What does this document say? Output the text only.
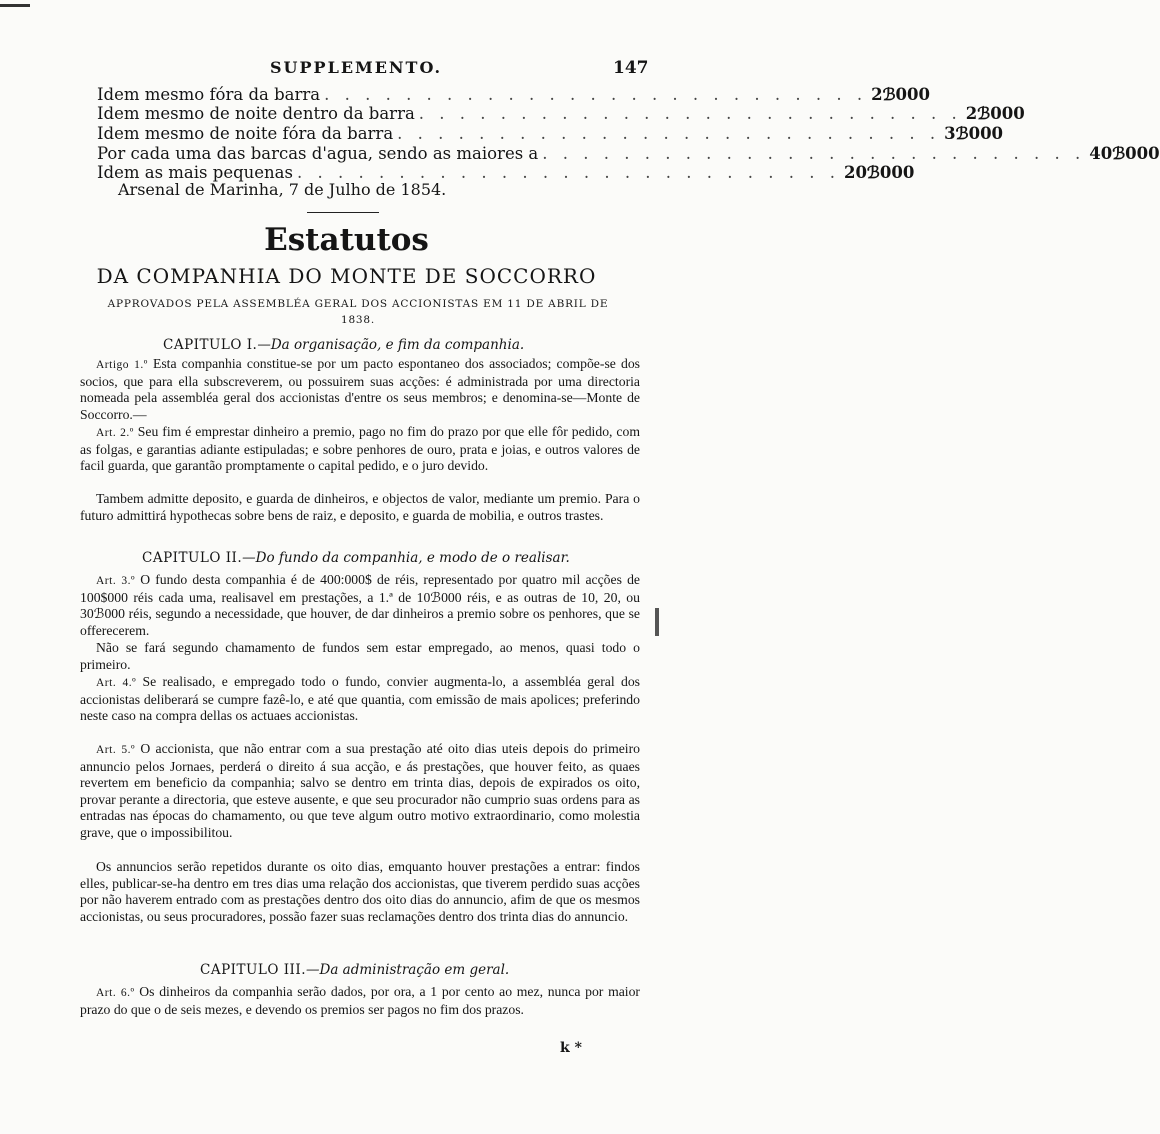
SUPPLEMENTO.	147
Idem mesmo fóra da barra . . . . . . . . . . . . . . . . . . . . . . . . . . . 2ℬ000
Idem mesmo de noite dentro da barra . . . . . . . . . . . . . . . . . . . . . . . . . . . 2ℬ000
Idem mesmo de noite fóra da barra . . . . . . . . . . . . . . . . . . . . . . . . . . . 3ℬ000
Por cada uma das barcas d'agua, sendo as maiores a . . . . . . . . . . . . . . . . . . . . . . . . . . . 40ℬ000
Idem as mais pequenas . . . . . . . . . . . . . . . . . . . . . . . . . . . 20ℬ000
Arsenal de Marinha, 7 de Julho de 1854.
Estatutos
DA COMPANHIA DO MONTE DE SOCCORRO
APPROVADOS PELA ASSEMBLÉA GERAL DOS ACCIONISTAS EM 11 DE ABRIL DE 1838.
CAPITULO I.—Da organisação, e fim da companhia.
Artigo 1.º Esta companhia constitue-se por um pacto espontaneo dos associados; compõe-se dos socios, que para ella subscreverem, ou possuirem suas acções: é administrada por uma directoria nomeada pela assembléa geral dos accionistas d'entre os seus membros; e denomina-se—Monte de Soccorro.—
Art. 2.º Seu fim é emprestar dinheiro a premio, pago no fim do prazo por que elle fôr pedido, com as folgas, e garantias adiante estipuladas; e sobre penhores de ouro, prata e joias, e outros valores de facil guarda, que garantão promptamente o capital pedido, e o juro devido.
Tambem admitte deposito, e guarda de dinheiros, e objectos de valor, mediante um premio. Para o futuro admittirá hypothecas sobre bens de raiz, e deposito, e guarda de mobilia, e outros trastes.
CAPITULO II.—Do fundo da companhia, e modo de o realisar.
Art. 3.º O fundo desta companhia é de 400:000$ de réis, representado por quatro mil acções de 100$000 réis cada uma, realisavel em prestações, a 1.ª de 10ℬ000 réis, e as outras de 10, 20, ou 30ℬ000 réis, segundo a necessidade, que houver, de dar dinheiros a premio sobre os penhores, que se offerecerem.
Não se fará segundo chamamento de fundos sem estar empregado, ao menos, quasi todo o primeiro.
Art. 4.º Se realisado, e empregado todo o fundo, convier augmenta-lo, a assembléa geral dos accionistas deliberará se cumpre fazê-lo, e até que quantia, com emissão de mais apolices; preferindo neste caso na compra dellas os actuaes accionistas.
Art. 5.º O accionista, que não entrar com a sua prestação até oito dias uteis depois do primeiro annuncio pelos Jornaes, perderá o direito á sua acção, e ás prestações, que houver feito, as quaes revertem em beneficio da companhia; salvo se dentro em trinta dias, depois de expirados os oito, provar perante a directoria, que esteve ausente, e que seu procurador não cumprio suas ordens para as entradas nas épocas do chamamento, ou que teve algum outro motivo extraordinario, como molestia grave, que o impossibilitou.
Os annuncios serão repetidos durante os oito dias, emquanto houver prestações a entrar: findos elles, publicar-se-ha dentro em tres dias uma relação dos accionistas, que tiverem perdido suas acções por não haverem entrado com as prestações dentro dos oito dias do annuncio, afim de que os mesmos accionistas, ou seus procuradores, possão fazer suas reclamações dentro dos trinta dias do annuncio.
CAPITULO III.—Da administração em geral.
Art. 6.º Os dinheiros da companhia serão dados, por ora, a 1 por cento ao mez, nunca por maior prazo do que o de seis mezes, e devendo os premios ser pagos no fim dos prazos.
k *
